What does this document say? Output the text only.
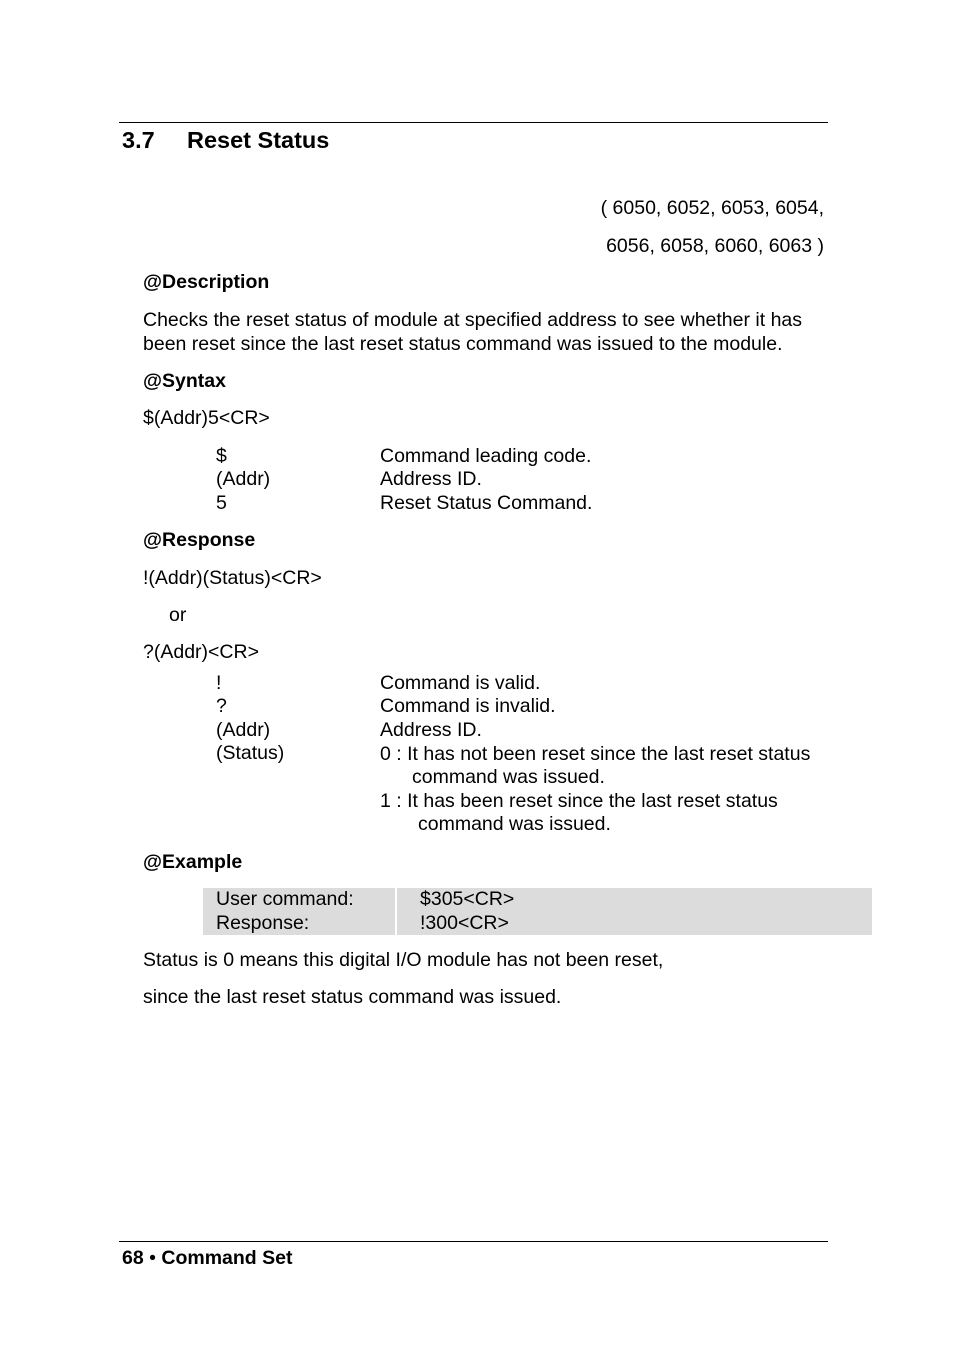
3.7 Reset Status
( 6050, 6052, 6053, 6054,
6056, 6058, 6060, 6063 )
@Description
Checks the reset status of module at specified address to see whether it has been reset since the last reset status command was issued to the module.
@Syntax
$(Addr)5<CR>
$	Command leading code.
(Addr)	Address ID.
5	Reset Status Command.
@Response
!(Addr)(Status)<CR>
or
?(Addr)<CR>
!	Command is valid.
?	Command is invalid.
(Addr)	Address ID.
(Status)	0 : It has not been reset since the last reset status
command was issued.
1 : It has been reset since the last reset status
command was issued.
@Example
User command:	$305<CR>
Response:	!300<CR>
Status is 0 means this digital I/O module has not been reset,
since the last reset status command was issued.
68 • Command Set
